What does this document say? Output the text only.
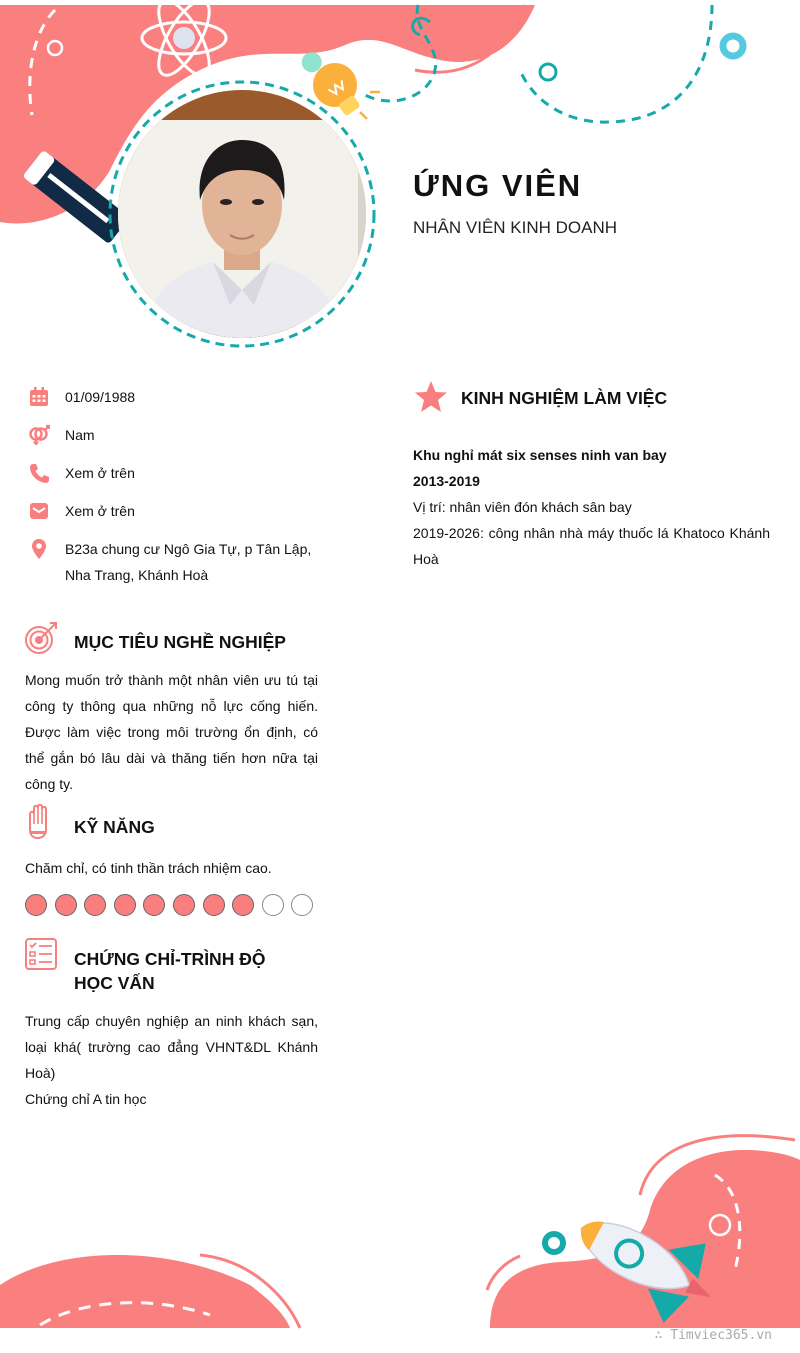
ỨNG VIÊN
NHÂN VIÊN KINH DOANH
01/09/1988
Nam
Xem ở trên
Xem ở trên
B23a chung cư Ngô Gia Tự, p Tân Lập, Nha Trang, Khánh Hoà
MỤC TIÊU NGHỀ NGHIỆP
Mong muốn trở thành một nhân viên ưu tú tại công ty thông qua những nỗ lực cống hiến. Được làm việc trong môi trường ổn định, có thể gắn bó lâu dài và thăng tiến hơn nữa tại công ty.
KỸ NĂNG
Chăm chỉ, có tinh thần trách nhiệm cao.
CHỨNG CHỈ-TRÌNH ĐỘ HỌC VẤN
Trung cấp chuyên nghiệp an ninh khách sạn, loại khá( trường cao đẳng VHNT&DL Khánh Hoà)
Chứng chỉ A tin học
KINH NGHIỆM LÀM VIỆC
Khu nghỉ mát six senses ninh van bay
2013-2019
Vị trí: nhân viên đón khách sân bay
2019-2026: công nhân nhà máy thuốc lá Khatoco Khánh Hoà
∴ Timviec365.vn
